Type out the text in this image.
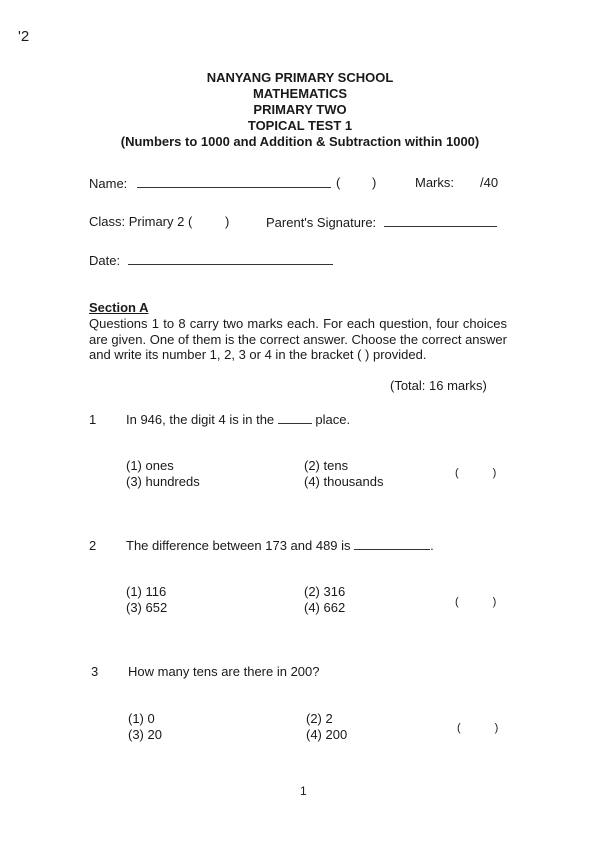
'2
NANYANG PRIMARY SCHOOL
MATHEMATICS
PRIMARY TWO
TOPICAL TEST 1
(Numbers to 1000 and Addition & Subtraction within 1000)
Name:	( )	Marks: /40
Class: Primary 2 (	)	Parent's Signature:
Date:
Section A
Questions 1 to 8 carry two marks each. For each question, four choices are given. One of them is the correct answer. Choose the correct answer and write its number 1, 2, 3 or 4 in the bracket ( ) provided.
(Total: 16 marks)
1 In 946, the digit 4 is in the	place.
(1) ones	(2) tens
(3) hundreds	(4) thousands
(	)
2 The difference between 173 and 489 is	.
(1) 116	(2) 316
(3) 652	(4) 662	(	)
3 How many tens are there in 200?
(1) 0	(2) 2
(3) 20	(4) 200	(	)
1
